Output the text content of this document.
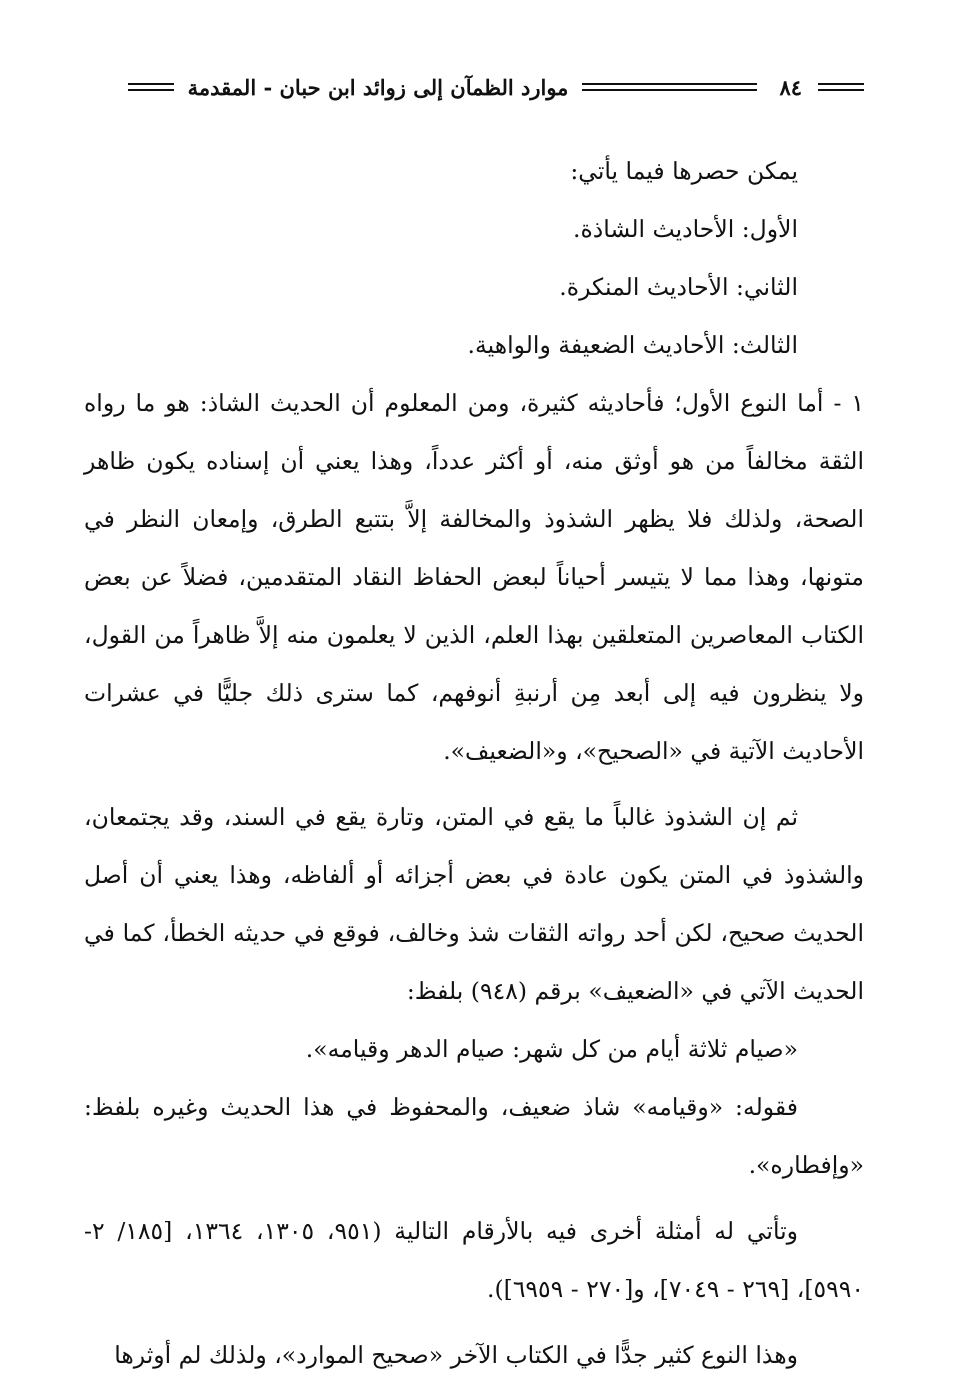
٨٤
موارد الظمآن إلى زوائد ابن حبان - المقدمة

يمكن حصرها فيما يأتي:

الأول: الأحاديث الشاذة.

الثاني: الأحاديث المنكرة.

الثالث: الأحاديث الضعيفة والواهية.

١ - أما النوع الأول؛ فأحاديثه كثيرة، ومن المعلوم أن الحديث الشاذ: هو ما رواه الثقة مخالفاً من هو أوثق منه، أو أكثر عدداً، وهذا يعني أن إسناده يكون ظاهر الصحة، ولذلك فلا يظهر الشذوذ والمخالفة إلاَّ بتتبع الطرق، وإمعان النظر في متونها، وهذا مما لا يتيسر أحياناً لبعض الحفاظ النقاد المتقدمين، فضلاً عن بعض الكتاب المعاصرين المتعلقين بهذا العلم، الذين لا يعلمون منه إلاَّ ظاهراً من القول، ولا ينظرون فيه إلى أبعد مِن أرنبةِ أنوفهم، كما سترى ذلك جليًّا في عشرات الأحاديث الآتية في «الصحيح»، و«الضعيف».

ثم إن الشذوذ غالباً ما يقع في المتن، وتارة يقع في السند، وقد يجتمعان، والشذوذ في المتن يكون عادة في بعض أجزائه أو ألفاظه، وهذا يعني أن أصل الحديث صحيح، لكن أحد رواته الثقات شذ وخالف، فوقع في حديثه الخطأ، كما في الحديث الآتي في «الضعيف» برقم (٩٤٨) بلفظ:

«صيام ثلاثة أيام من كل شهر: صيام الدهر وقيامه».

فقوله: «وقيامه» شاذ ضعيف، والمحفوظ في هذا الحديث وغيره بلفظ: «وإفطاره».

وتأتي له أمثلة أخرى فيه بالأرقام التالية (٩٥١، ١٣٠٥، ١٣٦٤، [١٨٥/ ٢- ٥٩٩٠]، [٢٦٩ - ٧٠٤٩]، و[٢٧٠ - ٦٩٥٩]).

وهذا النوع كثير جدًّا في الكتاب الآخر «صحيح الموارد»، ولذلك لم أوثرها
